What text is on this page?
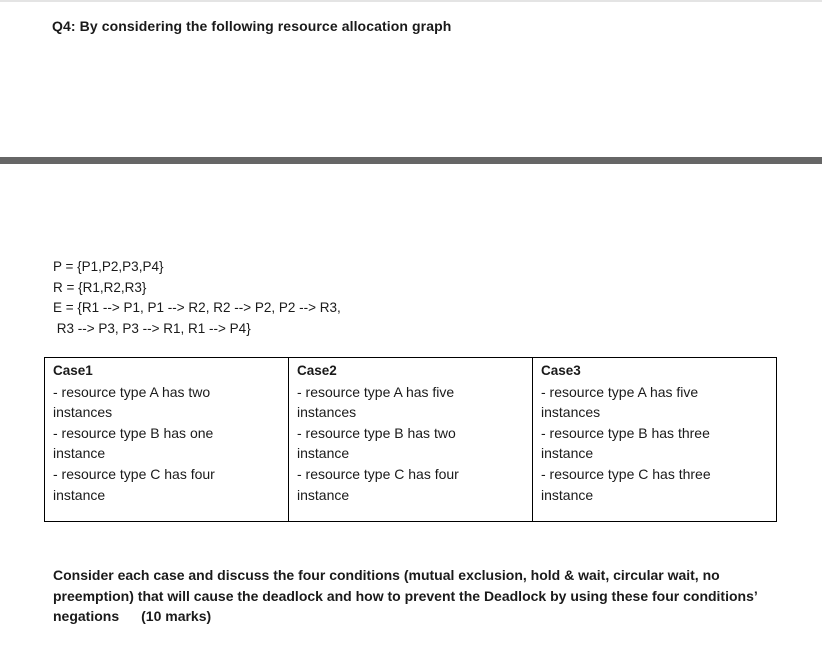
Q4: By considering the following resource allocation graph
P = {P1,P2,P3,P4}
R = {R1,R2,R3}
E = {R1 --> P1, P1 --> R2, R2 --> P2, P2 --> R3,
R3 --> P3, P3 --> R1, R1 --> P4}
Case1
- resource type A has two
instances
- resource type B has one
instance
- resource type C has four
instance

Case2
- resource type A has five
instances
- resource type B has two
instance
- resource type C has four
instance

Case3
- resource type A has five
instances
- resource type B has three
instance
- resource type C has three
instance
Consider each case and discuss the four conditions (mutual exclusion, hold & wait, circular wait, no preemption) that will cause the deadlock and how to prevent the Deadlock by using these four conditions’ negations (10 marks)
